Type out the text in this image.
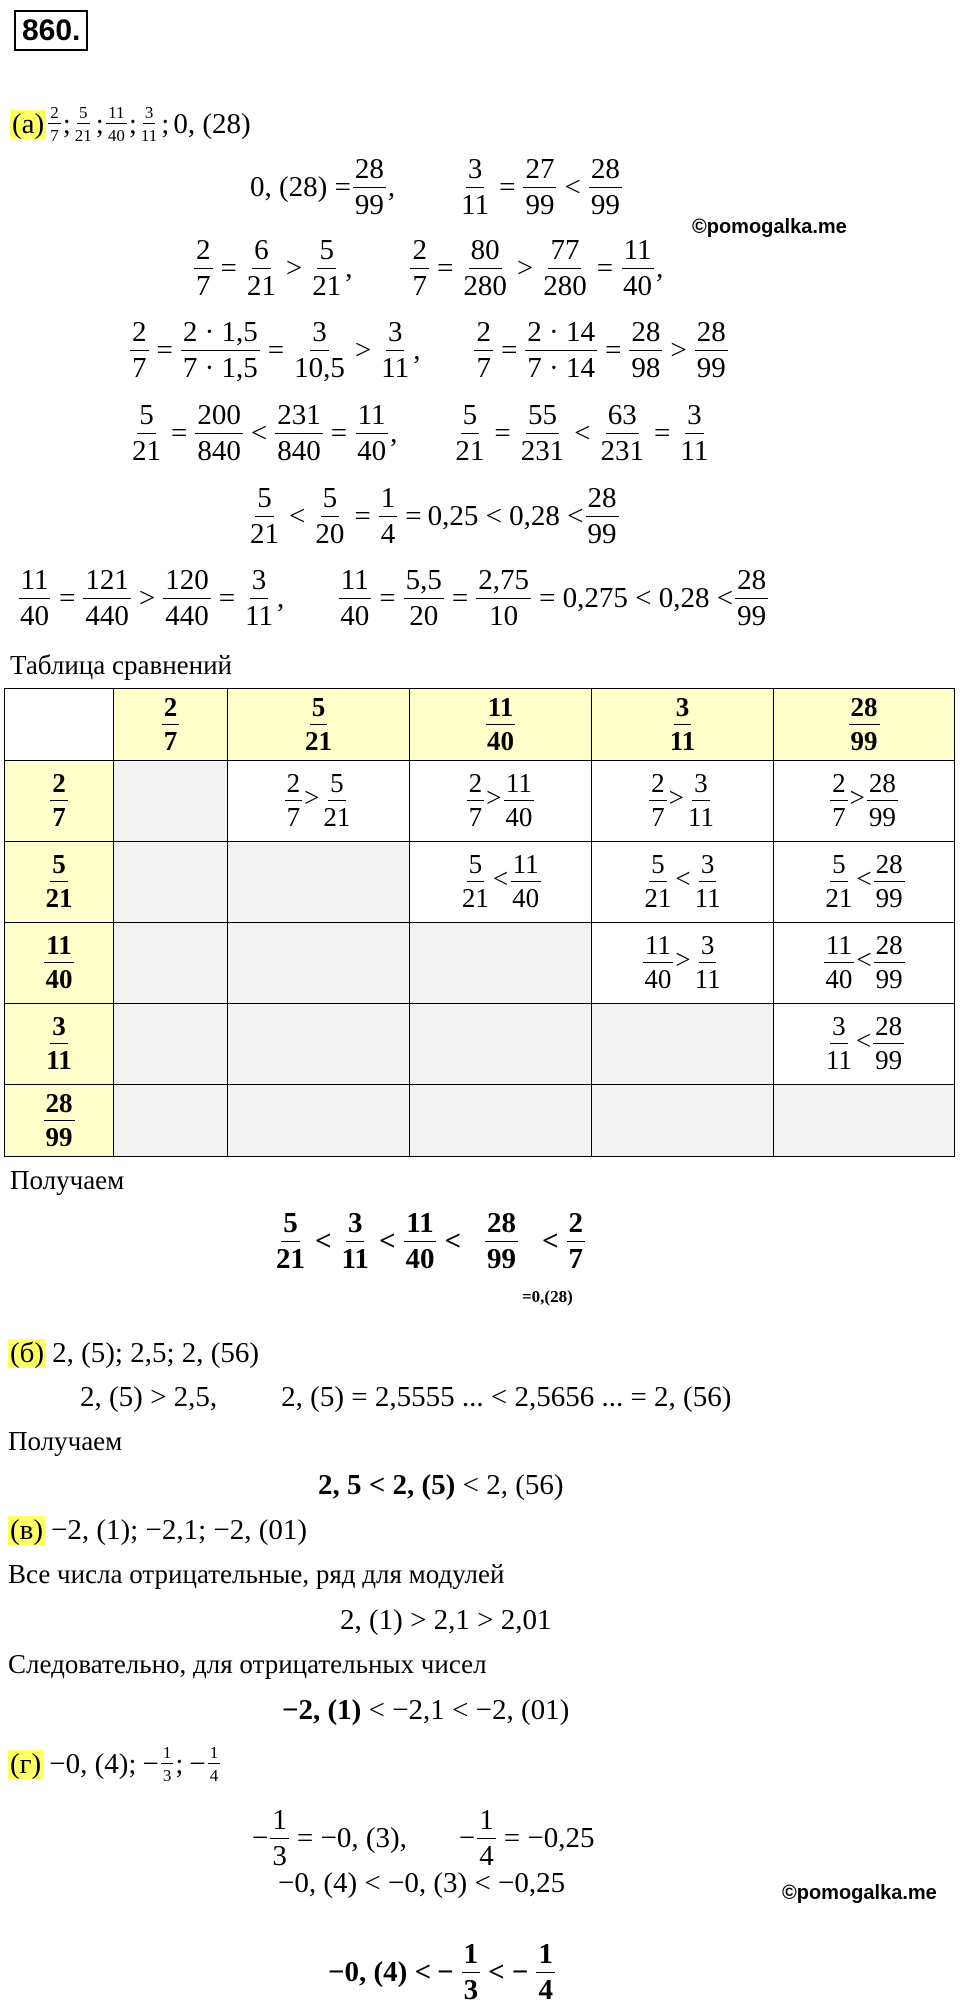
860.
$(а) \frac{2}{7}$ ; $\frac{5}{21}$ ; $\frac{11}{40}$ ; $\frac{3}{11}$ ; 0, (28)
0, $(28) = \frac{28}{99}$ , $\frac{3}{11} = \frac{27}{99} < \frac{28}{99}$
©pomogalka.me
$\frac{2}{7} = \frac{6}{21} > \frac{5}{21}$ , $\frac{2}{7} = \frac{80}{280} > \frac{77}{280} = \frac{11}{40}$ ,
$\frac{2}{7} = \frac{2 \cdot 1,5}{7 \cdot 1,5} = \frac{3}{10,5} > \frac{3}{11}$ , $\frac{2}{7} = \frac{2 \cdot 14}{7 \cdot 14} = \frac{28}{98} > \frac{28}{99}$
$\frac{5}{21} = \frac{200}{840} < \frac{231}{840} = \frac{11}{40}$ , $\frac{5}{21} = \frac{55}{231} < \frac{63}{231} = \frac{3}{11}$
$\frac{5}{21} < \frac{5}{20} = \frac{1}{4} = 0,25 < 0,28 < \frac{28}{99}$
$\frac{11}{40} = \frac{121}{440} > \frac{120}{440} = \frac{3}{11}$ , $\frac{11}{40} = \frac{5,5}{20} = \frac{2,75}{10} = 0,275 < 0,28 < \frac{28}{99}$
Таблица сравнений

	$\frac{2}{7}$	$\frac{5}{21}$	$\frac{11}{40}$	$\frac{3}{11}$	$\frac{28}{99}$

$\frac{2}{7}$		$\frac{2}{7} > \frac{5}{21}$	$\frac{2}{7} > \frac{11}{40}$	$\frac{2}{7} > \frac{3}{11}$	$\frac{2}{7} > \frac{28}{99}$

$\frac{5}{21}$			$\frac{5}{21} < \frac{11}{40}$	$\frac{5}{21} < \frac{3}{11}$	$\frac{5}{21} < \frac{28}{99}$

$\frac{11}{40}$				$\frac{11}{40} > \frac{3}{11}$	$\frac{11}{40} < \frac{28}{99}$

$\frac{3}{11}$					$\frac{3}{11} < \frac{28}{99}$

$\frac{28}{99}$

Получаем
$\frac{5}{21} < \frac{3}{11} < \frac{11}{40} < \frac{28}{99} < \frac{2}{7}$
=0,(28)
(б) 2, (5); 2,5; 2, (56)
2, (5) > 2,5, 2, (5) = 2,5555 ... < 2,5656 ... = 2, (56)
Получаем
2, 5 < 2, (5) < 2, (56)
(в) −2, (1); −2,1; −2, (01)
Все числа отрицательные, ряд для модулей
2, (1) > 2,1 > 2,01
Следовательно, для отрицательных чисел
−2, (1) < −2,1 < −2, (01)
(г) −0, (4); − $\frac{1}{3}$ ; − $\frac{1}{4}$
− $\frac{1}{3} = -0$, (3), − $\frac{1}{4} = -0,25$
−0, (4) < −0, (3) < −0,25	©pomogalka.me
−0, (4) < − $\frac{1}{3}$ < − $\frac{1}{4}$
